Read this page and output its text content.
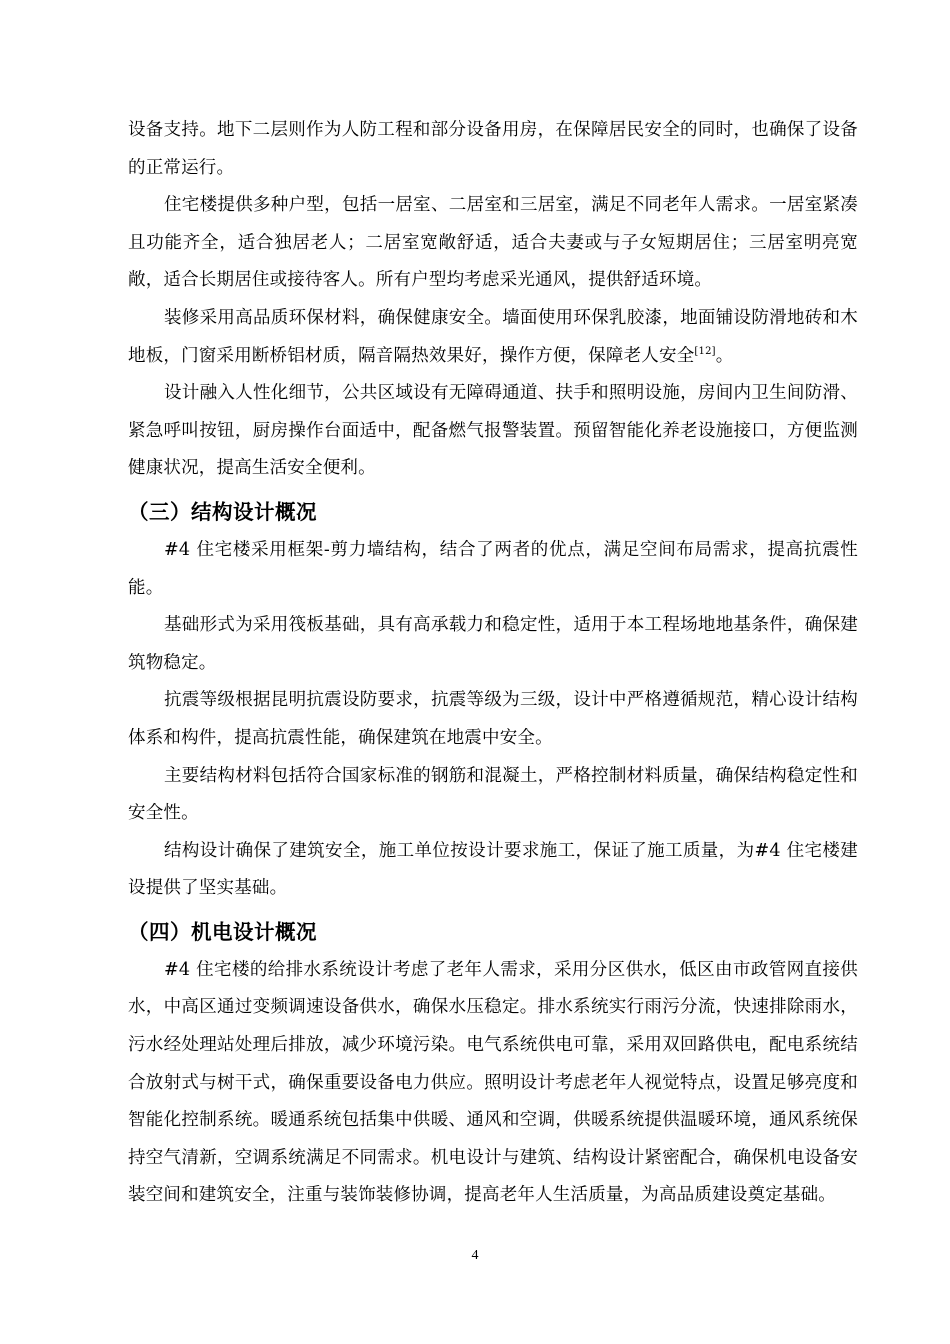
设备支持。地下二层则作为人防工程和部分设备用房，在保障居民安全的同时，也确保了设备的正常运行。

住宅楼提供多种户型，包括一居室、二居室和三居室，满足不同老年人需求。一居室紧凑且功能齐全，适合独居老人；二居室宽敞舒适，适合夫妻或与子女短期居住；三居室明亮宽敞，适合长期居住或接待客人。所有户型均考虑采光通风，提供舒适环境。

装修采用高品质环保材料，确保健康安全。墙面使用环保乳胶漆，地面铺设防滑地砖和木地板，门窗采用断桥铝材质，隔音隔热效果好，操作方便，保障老人安全[12]。

设计融入人性化细节，公共区域设有无障碍通道、扶手和照明设施，房间内卫生间防滑、紧急呼叫按钮，厨房操作台面适中，配备燃气报警装置。预留智能化养老设施接口，方便监测健康状况，提高生活安全便利。

（三）结构设计概况

#4 住宅楼采用框架-剪力墙结构，结合了两者的优点，满足空间布局需求，提高抗震性能。

基础形式为采用筏板基础，具有高承载力和稳定性，适用于本工程场地地基条件，确保建筑物稳定。

抗震等级根据昆明抗震设防要求，抗震等级为三级，设计中严格遵循规范，精心设计结构体系和构件，提高抗震性能，确保建筑在地震中安全。

主要结构材料包括符合国家标准的钢筋和混凝土，严格控制材料质量，确保结构稳定性和安全性。

结构设计确保了建筑安全，施工单位按设计要求施工，保证了施工质量，为#4 住宅楼建设提供了坚实基础。

（四）机电设计概况

#4 住宅楼的给排水系统设计考虑了老年人需求，采用分区供水，低区由市政管网直接供水，中高区通过变频调速设备供水，确保水压稳定。排水系统实行雨污分流，快速排除雨水，污水经处理站处理后排放，减少环境污染。电气系统供电可靠，采用双回路供电，配电系统结合放射式与树干式，确保重要设备电力供应。照明设计考虑老年人视觉特点，设置足够亮度和智能化控制系统。暖通系统包括集中供暖、通风和空调，供暖系统提供温暖环境，通风系统保持空气清新，空调系统满足不同需求。机电设计与建筑、结构设计紧密配合，确保机电设备安装空间和建筑安全，注重与装饰装修协调，提高老年人生活质量，为高品质建设奠定基础。

4
